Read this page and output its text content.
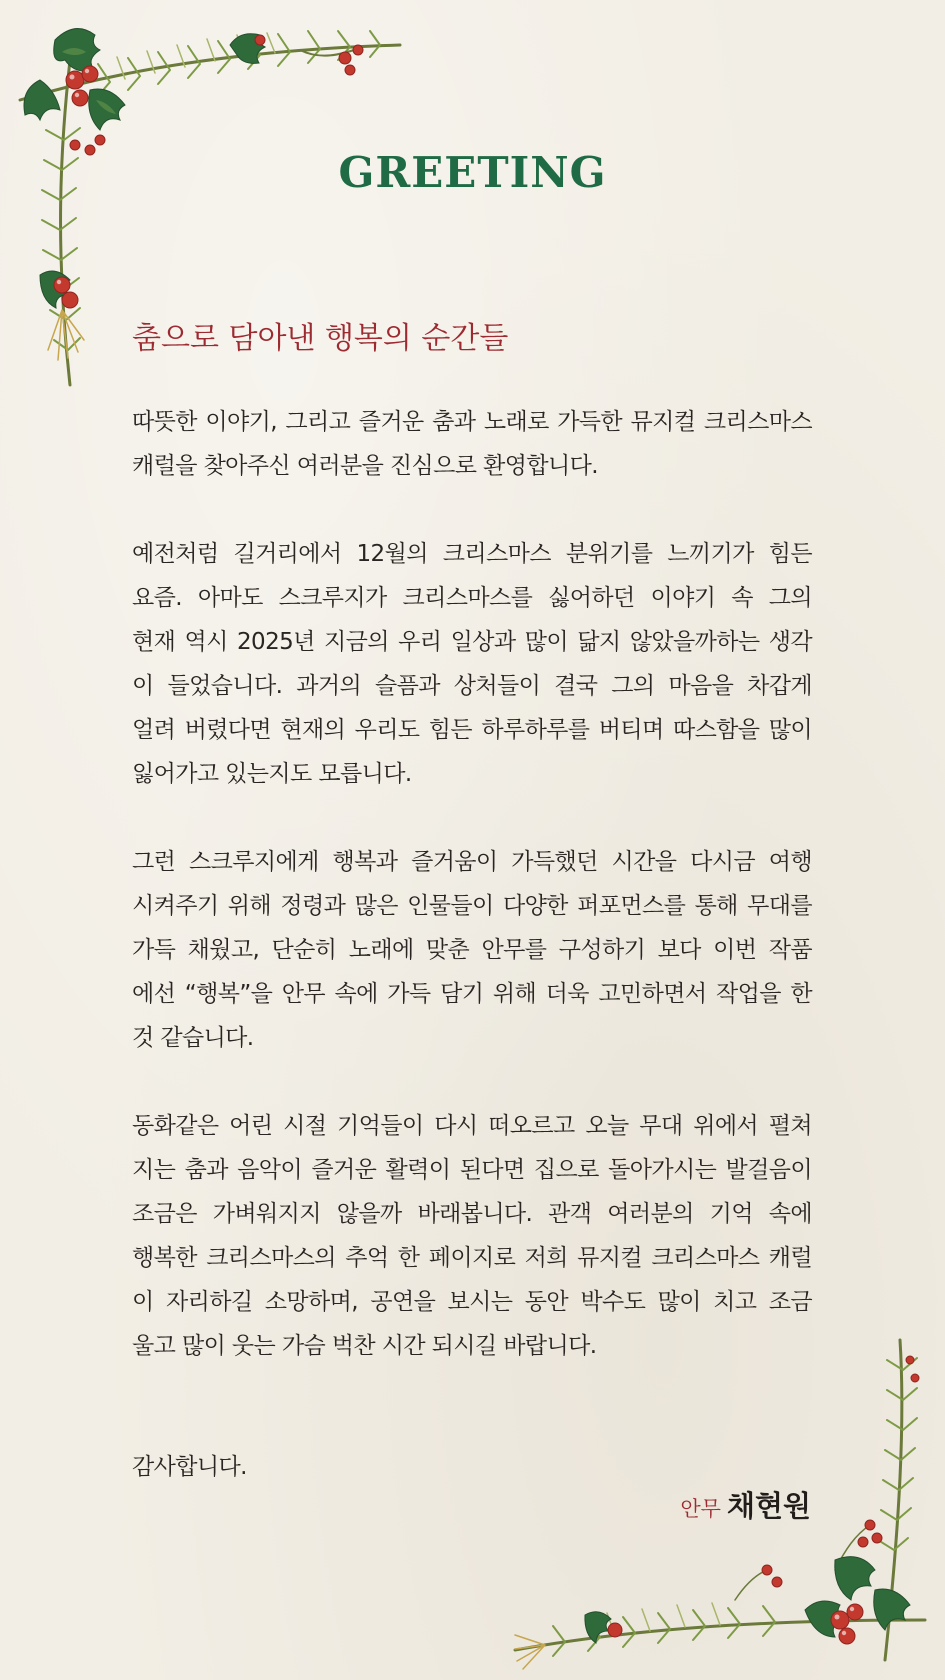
GREETING
춤으로 담아낸 행복의 순간들

따뜻한 이야기, 그리고 즐거운 춤과 노래로 가득한 뮤지컬 크리스마스
캐럴을 찾아주신 여러분을 진심으로 환영합니다.

예전처럼 길거리에서 12월의 크리스마스 분위기를 느끼기가 힘든
요즘. 아마도 스크루지가 크리스마스를 싫어하던 이야기 속 그의
현재 역시 2025년 지금의 우리 일상과 많이 닮지 않았을까하는 생각
이 들었습니다. 과거의 슬픔과 상처들이 결국 그의 마음을 차갑게
얼려 버렸다면 현재의 우리도 힘든 하루하루를 버티며 따스함을 많이
잃어가고 있는지도 모릅니다.

그런 스크루지에게 행복과 즐거움이 가득했던 시간을 다시금 여행
시켜주기 위해 정령과 많은 인물들이 다양한 퍼포먼스를 통해 무대를
가득 채웠고, 단순히 노래에 맞춘 안무를 구성하기 보다 이번 작품
에선 “행복”을 안무 속에 가득 담기 위해 더욱 고민하면서 작업을 한
것 같습니다.

동화같은 어린 시절 기억들이 다시 떠오르고 오늘 무대 위에서 펼쳐
지는 춤과 음악이 즐거운 활력이 된다면 집으로 돌아가시는 발걸음이
조금은 가벼워지지 않을까 바래봅니다. 관객 여러분의 기억 속에
행복한 크리스마스의 추억 한 페이지로 저희 뮤지컬 크리스마스 캐럴
이 자리하길 소망하며, 공연을 보시는 동안 박수도 많이 치고 조금
울고 많이 웃는 가슴 벅찬 시간 되시길 바랍니다.

감사합니다.

안무 채현원
